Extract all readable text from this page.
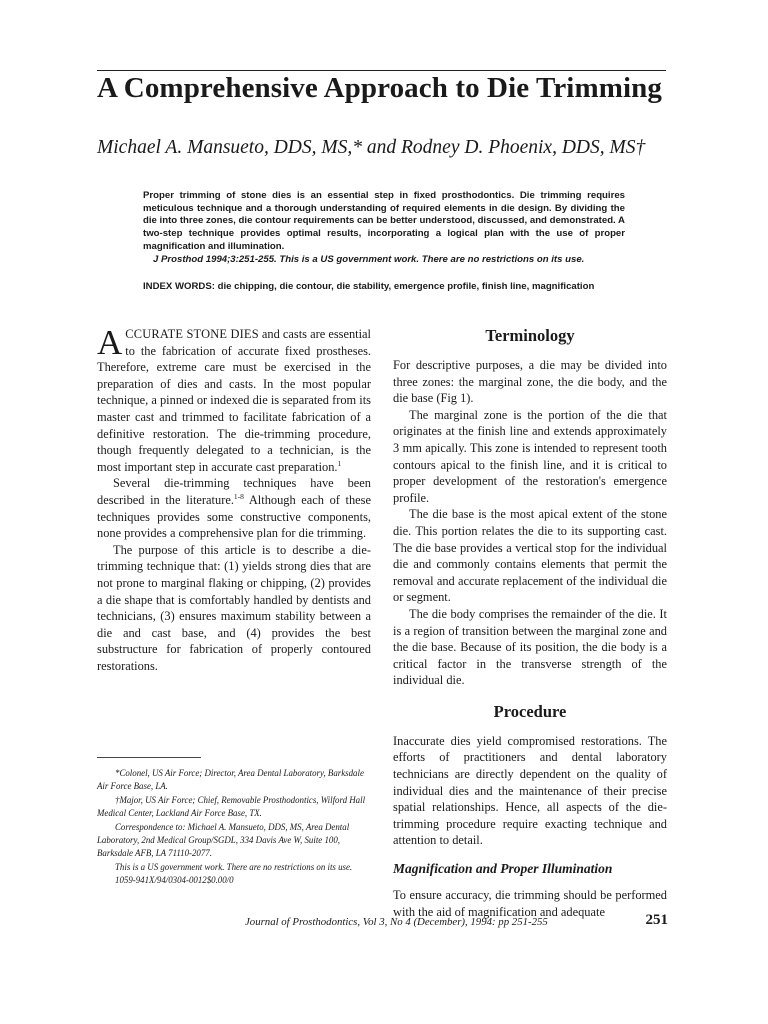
A Comprehensive Approach to Die Trimming
Michael A. Mansueto, DDS, MS,* and Rodney D. Phoenix, DDS, MS†

Proper trimming of stone dies is an essential step in fixed prosthodontics. Die trimming requires meticulous technique and a thorough understanding of required elements in die design. By dividing the die into three zones, die contour requirements can be better understood, discussed, and demonstrated. A two-step technique provides optimal results, incorporating a logical plan with the use of proper magnification and illumination.

J Prosthod 1994;3:251-255. This is a US government work. There are no restrictions on its use.

INDEX WORDS: die chipping, die contour, die stability, emergence profile, finish line, magnification

ACCURATE STONE DIES and casts are essential to the fabrication of accurate fixed prostheses. Therefore, extreme care must be exercised in the preparation of dies and casts. In the most popular technique, a pinned or indexed die is separated from its master cast and trimmed to facilitate fabrication of a definitive restoration. The die-trimming procedure, though frequently delegated to a technician, is the most important step in accurate cast preparation.$^1$

Several die-trimming techniques have been described in the literature.$^{1-8}$ Although each of these techniques provides some constructive components, none provides a comprehensive plan for die trimming.

The purpose of this article is to describe a die-trimming technique that: (1) yields strong dies that are not prone to marginal flaking or chipping, (2) provides a die shape that is comfortably handled by dentists and technicians, (3) ensures maximum stability between a die and cast base, and (4) provides the best substructure for fabrication of properly contoured restorations.

Terminology

For descriptive purposes, a die may be divided into three zones: the marginal zone, the die body, and the die base (Fig 1).

The marginal zone is the portion of the die that originates at the finish line and extends approximately 3 mm apically. This zone is intended to represent tooth contours apical to the finish line, and it is critical to proper development of the restoration's emergence profile.

The die base is the most apical extent of the stone die. This portion relates the die to its supporting cast. The die base provides a vertical stop for the individual die and commonly contains elements that permit the removal and accurate replacement of the individual die or segment.

The die body comprises the remainder of the die. It is a region of transition between the marginal zone and the die base. Because of its position, the die body is a critical factor in the transverse strength of the individual die.

Procedure

Inaccurate dies yield compromised restorations. The efforts of practitioners and dental laboratory technicians are directly dependent on the quality of individual dies and the maintenance of their precise spatial relationships. Hence, all aspects of the die-trimming procedure require exacting technique and attention to detail.

Magnification and Proper Illumination

To ensure accuracy, die trimming should be performed with the aid of magnification and adequate

*Colonel, US Air Force; Director, Area Dental Laboratory, Barksdale Air Force Base, LA.

†Major, US Air Force; Chief, Removable Prosthodontics, Wilford Hall Medical Center, Lackland Air Force Base, TX.

Correspondence to: Michael A. Mansueto, DDS, MS, Area Dental Laboratory, 2nd Medical Group/SGDL, 334 Davis Ave W, Suite 100, Barksdale AFB, LA 71110-2077.

This is a US government work. There are no restrictions on its use.

1059-941X/94/0304-0012$0.00/0

Journal of Prosthodontics, Vol 3, No 4 (December), 1994: pp 251-255	251
